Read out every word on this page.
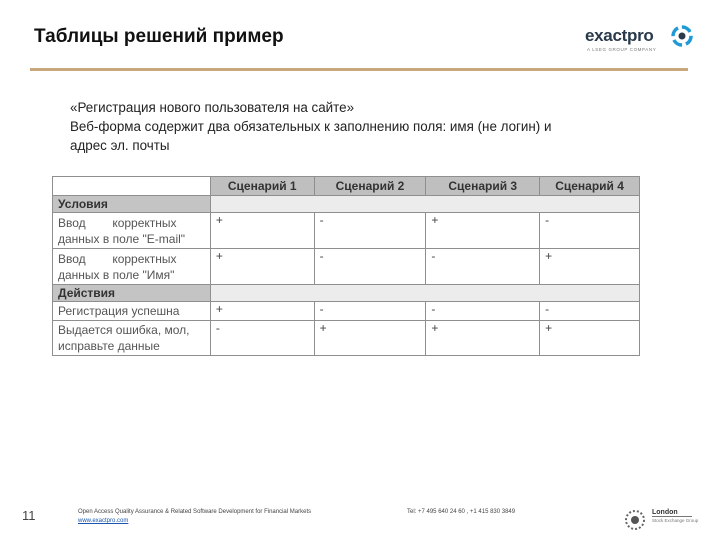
Таблицы решений пример	exactpro
A LSEG GROUP COMPANY
«Регистрация нового пользователя на сайте»
Веб-форма содержит два обязательных к заполнению поля: имя (не логин) и
адрес эл. почты
	Сценарий 1	Сценарий 2	Сценарий 3	Сценарий 4
Условия				

Ввод        корректных
данных в поле "E-mail"	+	-	+	-

Ввод        корректных
данных в поле "Имя"	+	-	-	+
Действия				

Регистрация успешна	+	-	-	-

Выдается ошибка, мол,
исправьте данные	-	+	+	+
11	Open Access Quality Assurance & Related Software Development for Financial Markets
www.exactpro.com
Tel: +7 495 640 24 60 , +1 415 830 3849	London
Stock Exchange Group
